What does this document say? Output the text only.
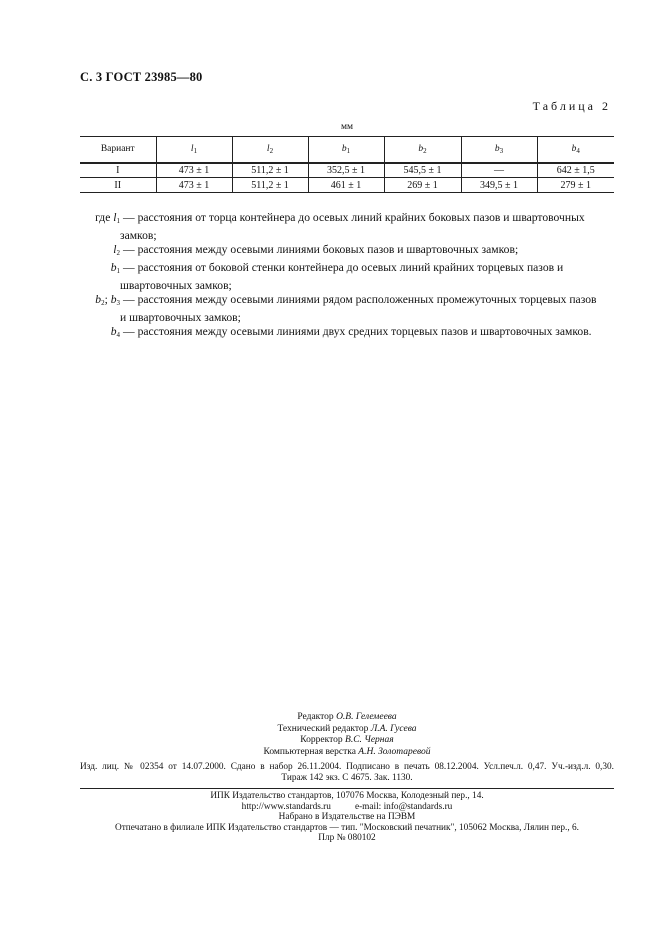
С. 3 ГОСТ 23985—80
Таблица 2
мм
Вариант	$l_1$	$l_2$	$b_1$	$b_2$	$b_3$	$b_4$
I	473 ± 1	511,2 ± 1	352,5 ± 1	545,5 ± 1	—	642 ± 1,5
II	473 ± 1	511,2 ± 1	461 ± 1	269 ± 1	349,5 ± 1	279 ± 1
где $l_1$ — расстояния от торца контейнера до осевых линий крайних боковых пазов и швартовочных
замков;
$l_2$ — расстояния между осевыми линиями боковых пазов и швартовочных замков;
$b_1$ — расстояния от боковой стенки контейнера до осевых линий крайних торцевых пазов и
швартовочных замков;
$b_2$; $b_3$ — расстояния между осевыми линиями рядом расположенных промежуточных торцевых пазов
и швартовочных замков;
$b_4$ — расстояния между осевыми линиями двух средних торцевых пазов и швартовочных замков.
Редактор О.В. Гелемеева
Технический редактор Л.А. Гусева
Корректор В.С. Черная
Компьютерная верстка А.Н. Золотаревой
Изд. лиц. № 02354 от 14.07.2000. Сдано в набор 26.11.2004. Подписано в печать 08.12.2004. Усл.печ.л. 0,47. Уч.-изд.л. 0,30.
Тираж 142 экз. С 4675. Зак. 1130.
ИПК Издательство стандартов, 107076 Москва, Колодезный пер., 14.
http://www.standards.ru	e-mail: info@standards.ru
Набрано в Издательстве на ПЭВМ
Отпечатано в филиале ИПК Издательство стандартов — тип. "Московский печатник", 105062 Москва, Лялин пер., 6.
Плр № 080102
